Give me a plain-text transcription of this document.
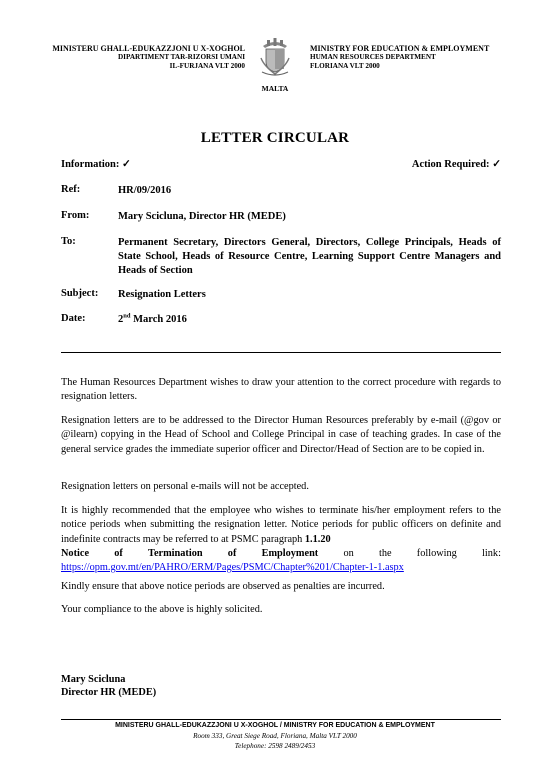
MINISTERU GHALL-EDUKAZZJONI U X-XOGHOL
DIPARTIMENT TAR-RIZORSI UMANI
IL-FURJANA VLT 2000
MINISTRY FOR EDUCATION & EMPLOYMENT
HUMAN RESOURCES DEPARTMENT
FLORIANA VLT 2000
MALTA
LETTER CIRCULAR
Information: ✓	Action Required: ✓
Ref:	HR/09/2016
From:	Mary Scicluna, Director HR (MEDE)
To:	Permanent Secretary, Directors General, Directors, College Principals, Heads of State School, Heads of Resource Centre, Learning Support Centre Managers and Heads of Section
Subject: Resignation Letters
Date:	2nd March 2016
The Human Resources Department wishes to draw your attention to the correct procedure with regards to resignation letters.
Resignation letters are to be addressed to the Director Human Resources preferably by e-mail (@gov or @ilearn) copying in the Head of School and College Principal in case of teaching grades. In case of the general service grades the immediate superior officer and Director/Head of Section are to be copied in.
Resignation letters on personal e-mails will not be accepted.
It is highly recommended that the employee who wishes to terminate his/her employment refers to the notice periods when submitting the resignation letter. Notice periods for public officers on definite and indefinite contracts may be referred to at PSMC paragraph 1.1.20
Notice of Termination of Employment on the following link:
https://opm.gov.mt/en/PAHRO/ERM/Pages/PSMC/Chapter%201/Chapter-1-1.aspx
Kindly ensure that above notice periods are observed as penalties are incurred.
Your compliance to the above is highly solicited.
Mary Scicluna
Director HR (MEDE)
MINISTERU GHALL-EDUKAZZJONI U X-XOGHOL / MINISTRY FOR EDUCATION & EMPLOYMENT
Room 333, Great Siege Road, Floriana, Malta VLT 2000
Telephone: 2598 2489/2453
